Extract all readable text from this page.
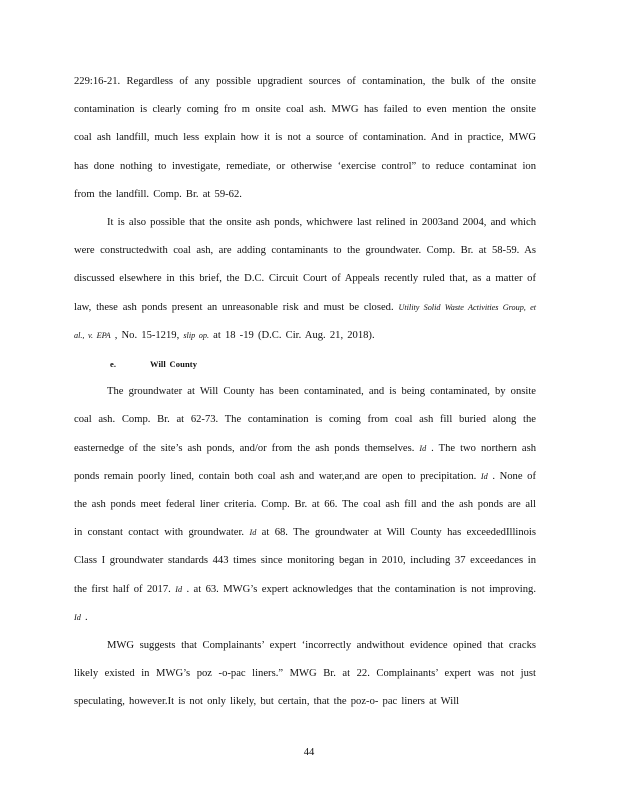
229:16-21. Regardless of any possible upgradient sources of contamination, the bulk of the onsite contamination is clearly coming fro m onsite coal ash. MWG has failed to even mention the onsite coal ash landfill, much less explain how it is not a source of contamination. And in practice, MWG has done nothing to investigate, remediate, or otherwise ‘exercise control” to reduce contaminat ion from the landfill. Comp. Br. at 59-62.

It is also possible that the onsite ash ponds, whichwere last relined in 2003and 2004, and which were constructedwith coal ash, are adding contaminants to the groundwater. Comp. Br. at 58-59. As discussed elsewhere in this brief, the D.C. Circuit Court of Appeals recently ruled that, as a matter of law, these ash ponds present an unreasonable risk and must be closed. Utility Solid Waste Activities Group, et al., v. EPA , No. 15-1219, slip op. at 18 -19 (D.C. Cir. Aug. 21, 2018).

e.	Will County

The groundwater at Will County has been contaminated, and is being contaminated, by onsite coal ash. Comp. Br. at 62-73. The contamination is coming from coal ash fill buried along the easternedge of the site’s ash ponds, and/or from the ash ponds themselves. Id . The two northern ash ponds remain poorly lined, contain both coal ash and water,and are open to precipitation. Id . None of the ash ponds meet federal liner criteria. Comp. Br. at 66. The coal ash fill and the ash ponds are all in constant contact with groundwater. Id at 68. The groundwater at Will County has exceededIllinois Class I groundwater standards 443 times since monitoring began in 2010, including 37 exceedances in the first half of 2017. Id . at 63. MWG’s expert acknowledges that the contamination is not improving. Id .

MWG suggests that Complainants’ expert ‘incorrectly andwithout evidence opined that cracks likely existed in MWG’s poz -o-pac liners.” MWG Br. at 22. Complainants’ expert was not just speculating, however.It is not only likely, but certain, that the poz-o- pac liners at Will

44
